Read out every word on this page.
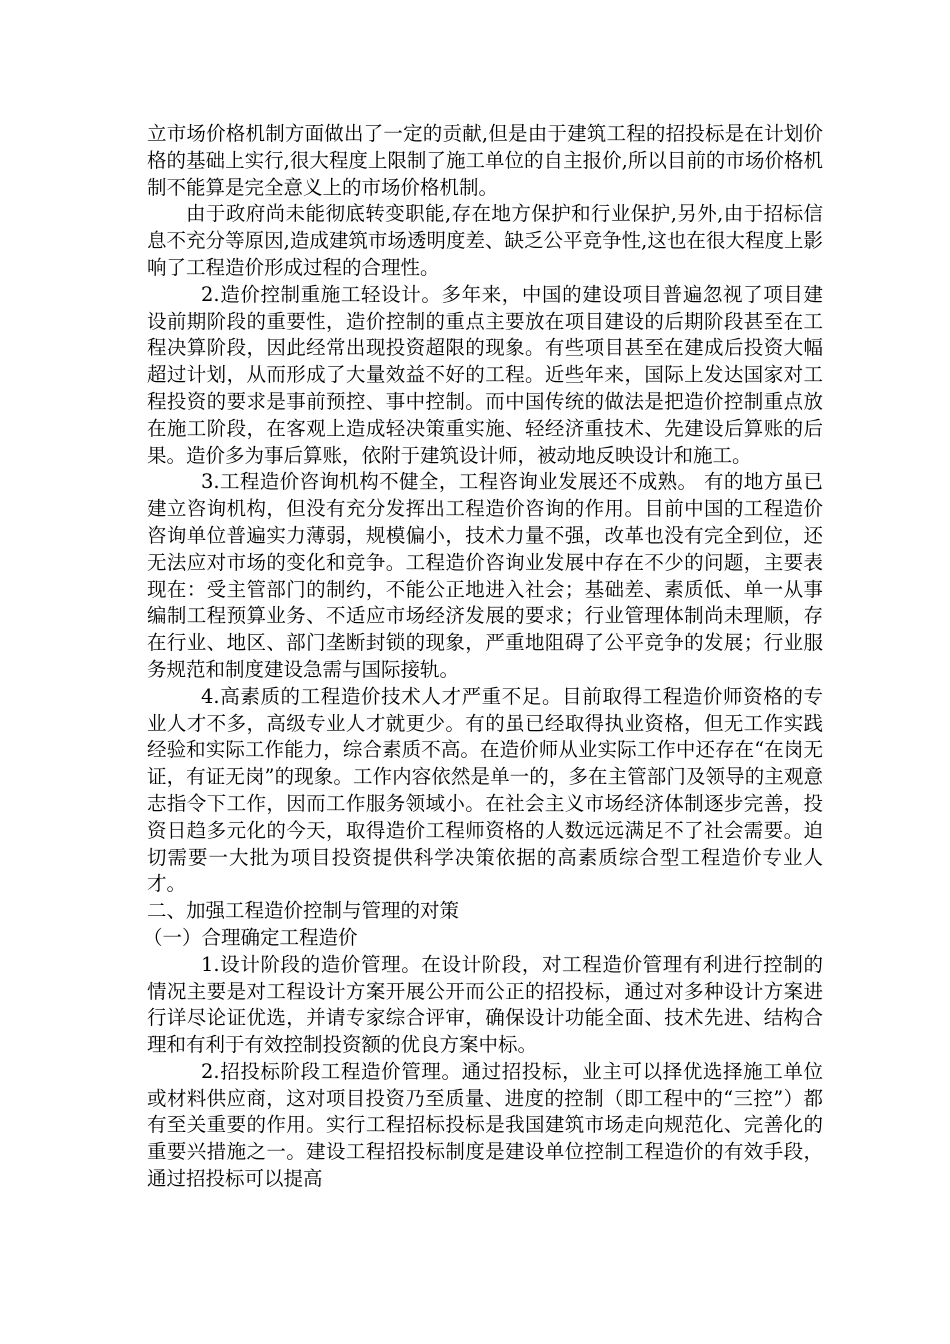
立市场价格机制方面做出了一定的贡献,但是由于建筑工程的招投标是在计划价格的基础上实行,很大程度上限制了施工单位的自主报价,所以目前的市场价格机制不能算是完全意义上的市场价格机制。

由于政府尚未能彻底转变职能,存在地方保护和行业保护,另外,由于招标信息不充分等原因,造成建筑市场透明度差、缺乏公平竞争性,这也在很大程度上影响了工程造价形成过程的合理性。

2.造价控制重施工轻设计。多年来，中国的建设项目普遍忽视了项目建设前期阶段的重要性，造价控制的重点主要放在项目建设的后期阶段甚至在工程决算阶段，因此经常出现投资超限的现象。有些项目甚至在建成后投资大幅超过计划，从而形成了大量效益不好的工程。近些年来，国际上发达国家对工程投资的要求是事前预控、事中控制。而中国传统的做法是把造价控制重点放在施工阶段，在客观上造成轻决策重实施、轻经济重技术、先建设后算账的后果。造价多为事后算账，依附于建筑设计师，被动地反映设计和施工。

3.工程造价咨询机构不健全，工程咨询业发展还不成熟。 有的地方虽已建立咨询机构，但没有充分发挥出工程造价咨询的作用。目前中国的工程造价咨询单位普遍实力薄弱，规模偏小，技术力量不强，改革也没有完全到位，还无法应对市场的变化和竞争。工程造价咨询业发展中存在不少的问题，主要表现在：受主管部门的制约，不能公正地进入社会；基础差、素质低、单一从事编制工程预算业务、不适应市场经济发展的要求；行业管理体制尚未理顺，存在行业、地区、部门垄断封锁的现象，严重地阻碍了公平竞争的发展；行业服务规范和制度建设急需与国际接轨。

4.高素质的工程造价技术人才严重不足。目前取得工程造价师资格的专业人才不多，高级专业人才就更少。有的虽已经取得执业资格，但无工作实践经验和实际工作能力，综合素质不高。在造价师从业实际工作中还存在“在岗无证，有证无岗”的现象。工作内容依然是单一的，多在主管部门及领导的主观意志指令下工作，因而工作服务领域小。在社会主义市场经济体制逐步完善，投资日趋多元化的今天，取得造价工程师资格的人数远远满足不了社会需要。迫切需要一大批为项目投资提供科学决策依据的高素质综合型工程造价专业人才。

二、加强工程造价控制与管理的对策

（一）合理确定工程造价

1.设计阶段的造价管理。在设计阶段，对工程造价管理有利进行控制的情况主要是对工程设计方案开展公开而公正的招投标，通过对多种设计方案进行详尽论证优选，并请专家综合评审，确保设计功能全面、技术先进、结构合理和有利于有效控制投资额的优良方案中标。

2.招投标阶段工程造价管理。通过招投标，业主可以择优选择施工单位或材料供应商，这对项目投资乃至质量、进度的控制（即工程中的“三控”）都有至关重要的作用。实行工程招标投标是我国建筑市场走向规范化、完善化的重要兴措施之一。建设工程招投标制度是建设单位控制工程造价的有效手段，通过招投标可以提高
